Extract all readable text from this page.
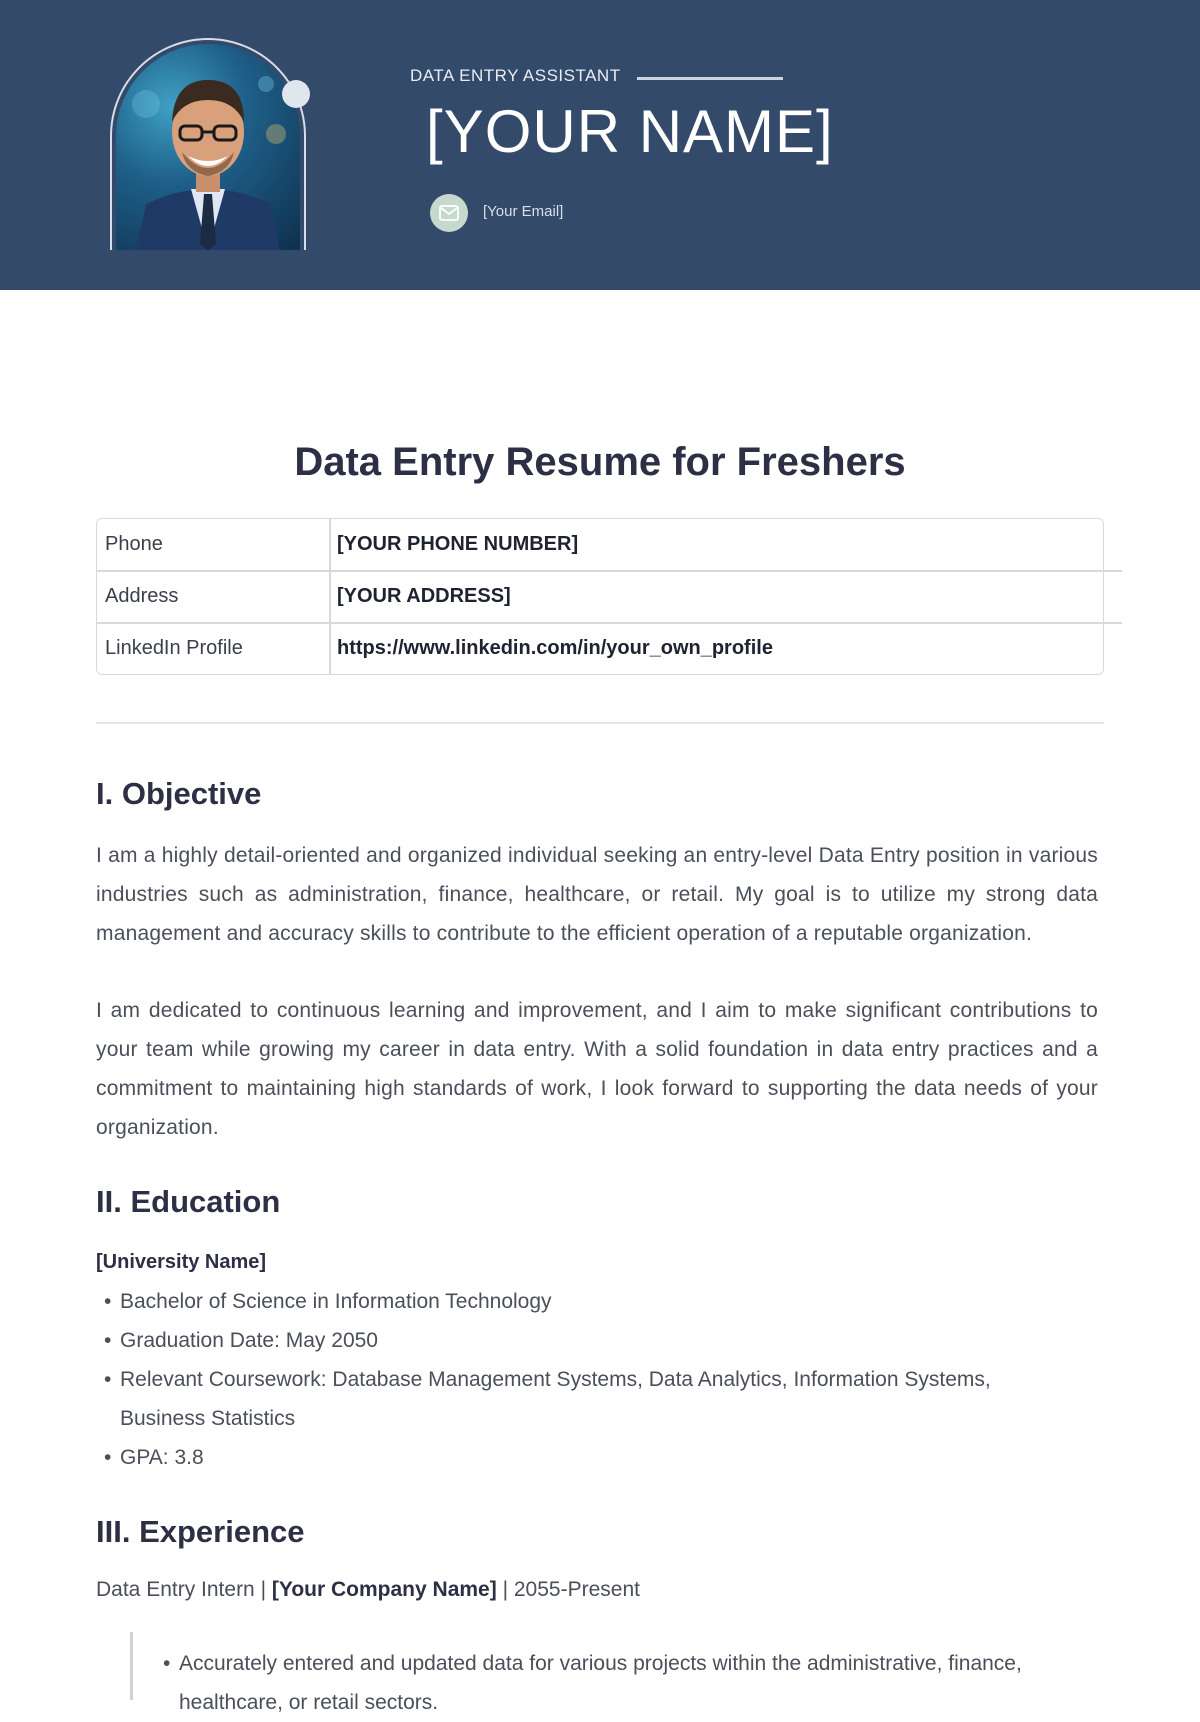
DATA ENTRY ASSISTANT
[YOUR NAME]
[Your Email]
Data Entry Resume for Freshers
Phone	[YOUR PHONE NUMBER]
Address	[YOUR ADDRESS]
LinkedIn Profile	https://www.linkedin.com/in/your_own_profile
I. Objective

I am a highly detail-oriented and organized individual seeking an entry-level Data Entry position in various industries such as administration, finance, healthcare, or retail. My goal is to utilize my strong data management and accuracy skills to contribute to the efficient operation of a reputable organization.

I am dedicated to continuous learning and improvement, and I aim to make significant contributions to your team while growing my career in data entry. With a solid foundation in data entry practices and a commitment to maintaining high standards of work, I look forward to supporting the data needs of your organization.

II. Education
[University Name]
• Bachelor of Science in Information Technology
• Graduation Date: May 2050
• Relevant Coursework: Database Management Systems, Data Analytics, Information Systems, Business Statistics
• GPA: 3.8
III. Experience
Data Entry Intern | [Your Company Name] | 2055-Present
• Accurately entered and updated data for various projects within the administrative, finance, healthcare, or retail sectors.
